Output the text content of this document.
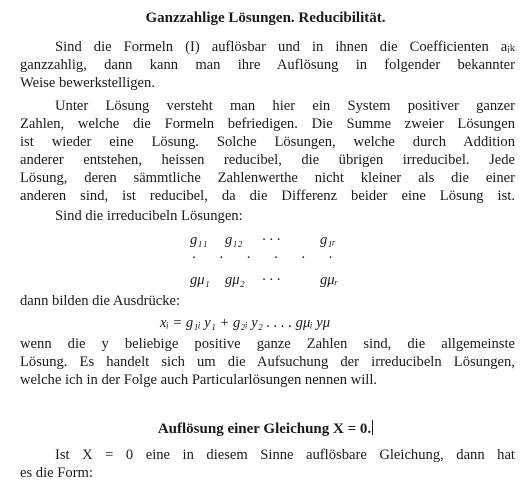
Ganzzahlige Lösungen. Reducibilität.
Sind die Formeln (I) auflösbar und in ihnen die Coefficienten aᵢₖ
ganzzahlig, dann kann man ihre Auflösung in folgender bekannter
Weise bewerkstelligen.
Unter Lösung versteht man hier ein System positiver ganzer
Zahlen, welche die Formeln befriedigen. Die Summe zweier Lösungen
ist wieder eine Lösung. Solche Lösungen, welche durch Addition
anderer entstehen, heissen reducibel, die übrigen irreducibel. Jede
Lösung, deren sämmtliche Zahlenwerthe nicht kleiner als die einer
anderen sind, ist reducibel, da die Differenz beider eine Lösung ist.
Sind die irreducibeln Lösungen:
g₁₁ g₁₂ · · ·	g₁ᵣ
· · · · · ·
gμ₁ gμ₂ · · ·	gμᵣ
dann bilden die Ausdrücke:
xᵢ = g₁ᵢ y₁ + g₂ᵢ y₂ . . . . gμᵢ yμ
wenn die y beliebige positive ganze Zahlen sind, die allgemeinste
Lösung. Es handelt sich um die Aufsuchung der irreducibeln Lösungen,
welche ich in der Folge auch Particularlösungen nennen will.
Auflösung einer Gleichung X = 0.
Ist X = 0 eine in diesem Sinne auflösbare Gleichung, dann hat
es die Form:
